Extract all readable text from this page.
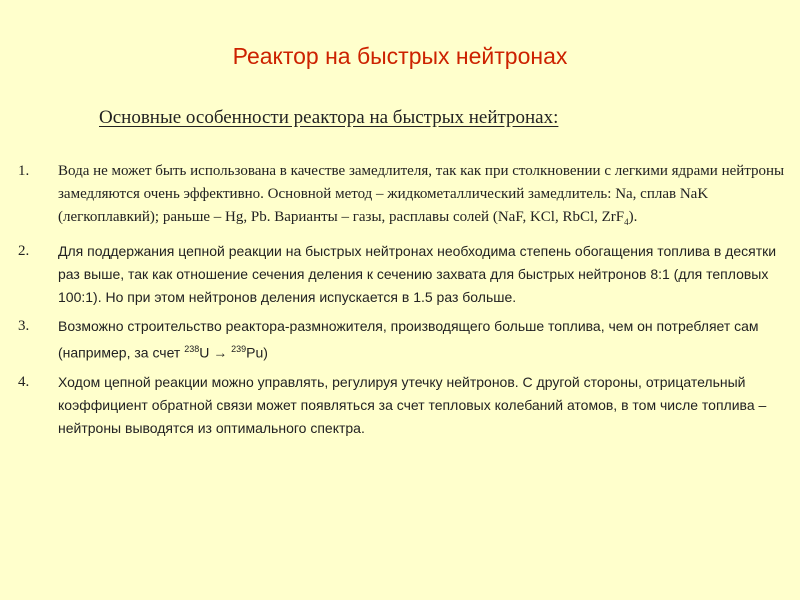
Реактор на быстрых нейтронах
Основные особенности реактора на быстрых нейтронах:
1.	Вода не может быть использована в качестве замедлителя, так как при столкновении с легкими ядрами нейтроны замедляются очень эффективно. Основной метод – жидкометаллический замедлитель: Na, сплав NaK (легкоплавкий); раньше – Hg, Pb. Варианты – газы, расплавы солей (NaF, KCl, RbCl, ZrF$_4$).
2.	Для поддержания цепной реакции на быстрых нейтронах необходима степень обогащения топлива в десятки раз выше, так как отношение сечения деления к сечению захвата для быстрых нейтронов 8:1 (для тепловых 100:1). Но при этом нейтронов деления испускается в 1.5 раз больше.
3.	Возможно строительство реактора-размножителя, производящего больше топлива, чем он потребляет сам (например, за счет $^{238}$U → $^{239}$Pu)
4.	Ходом цепной реакции можно управлять, регулируя утечку нейтронов. С другой стороны, отрицательный коэффициент обратной связи может появляться за счет тепловых колебаний атомов, в том числе топлива – нейтроны выводятся из оптимального спектра.
